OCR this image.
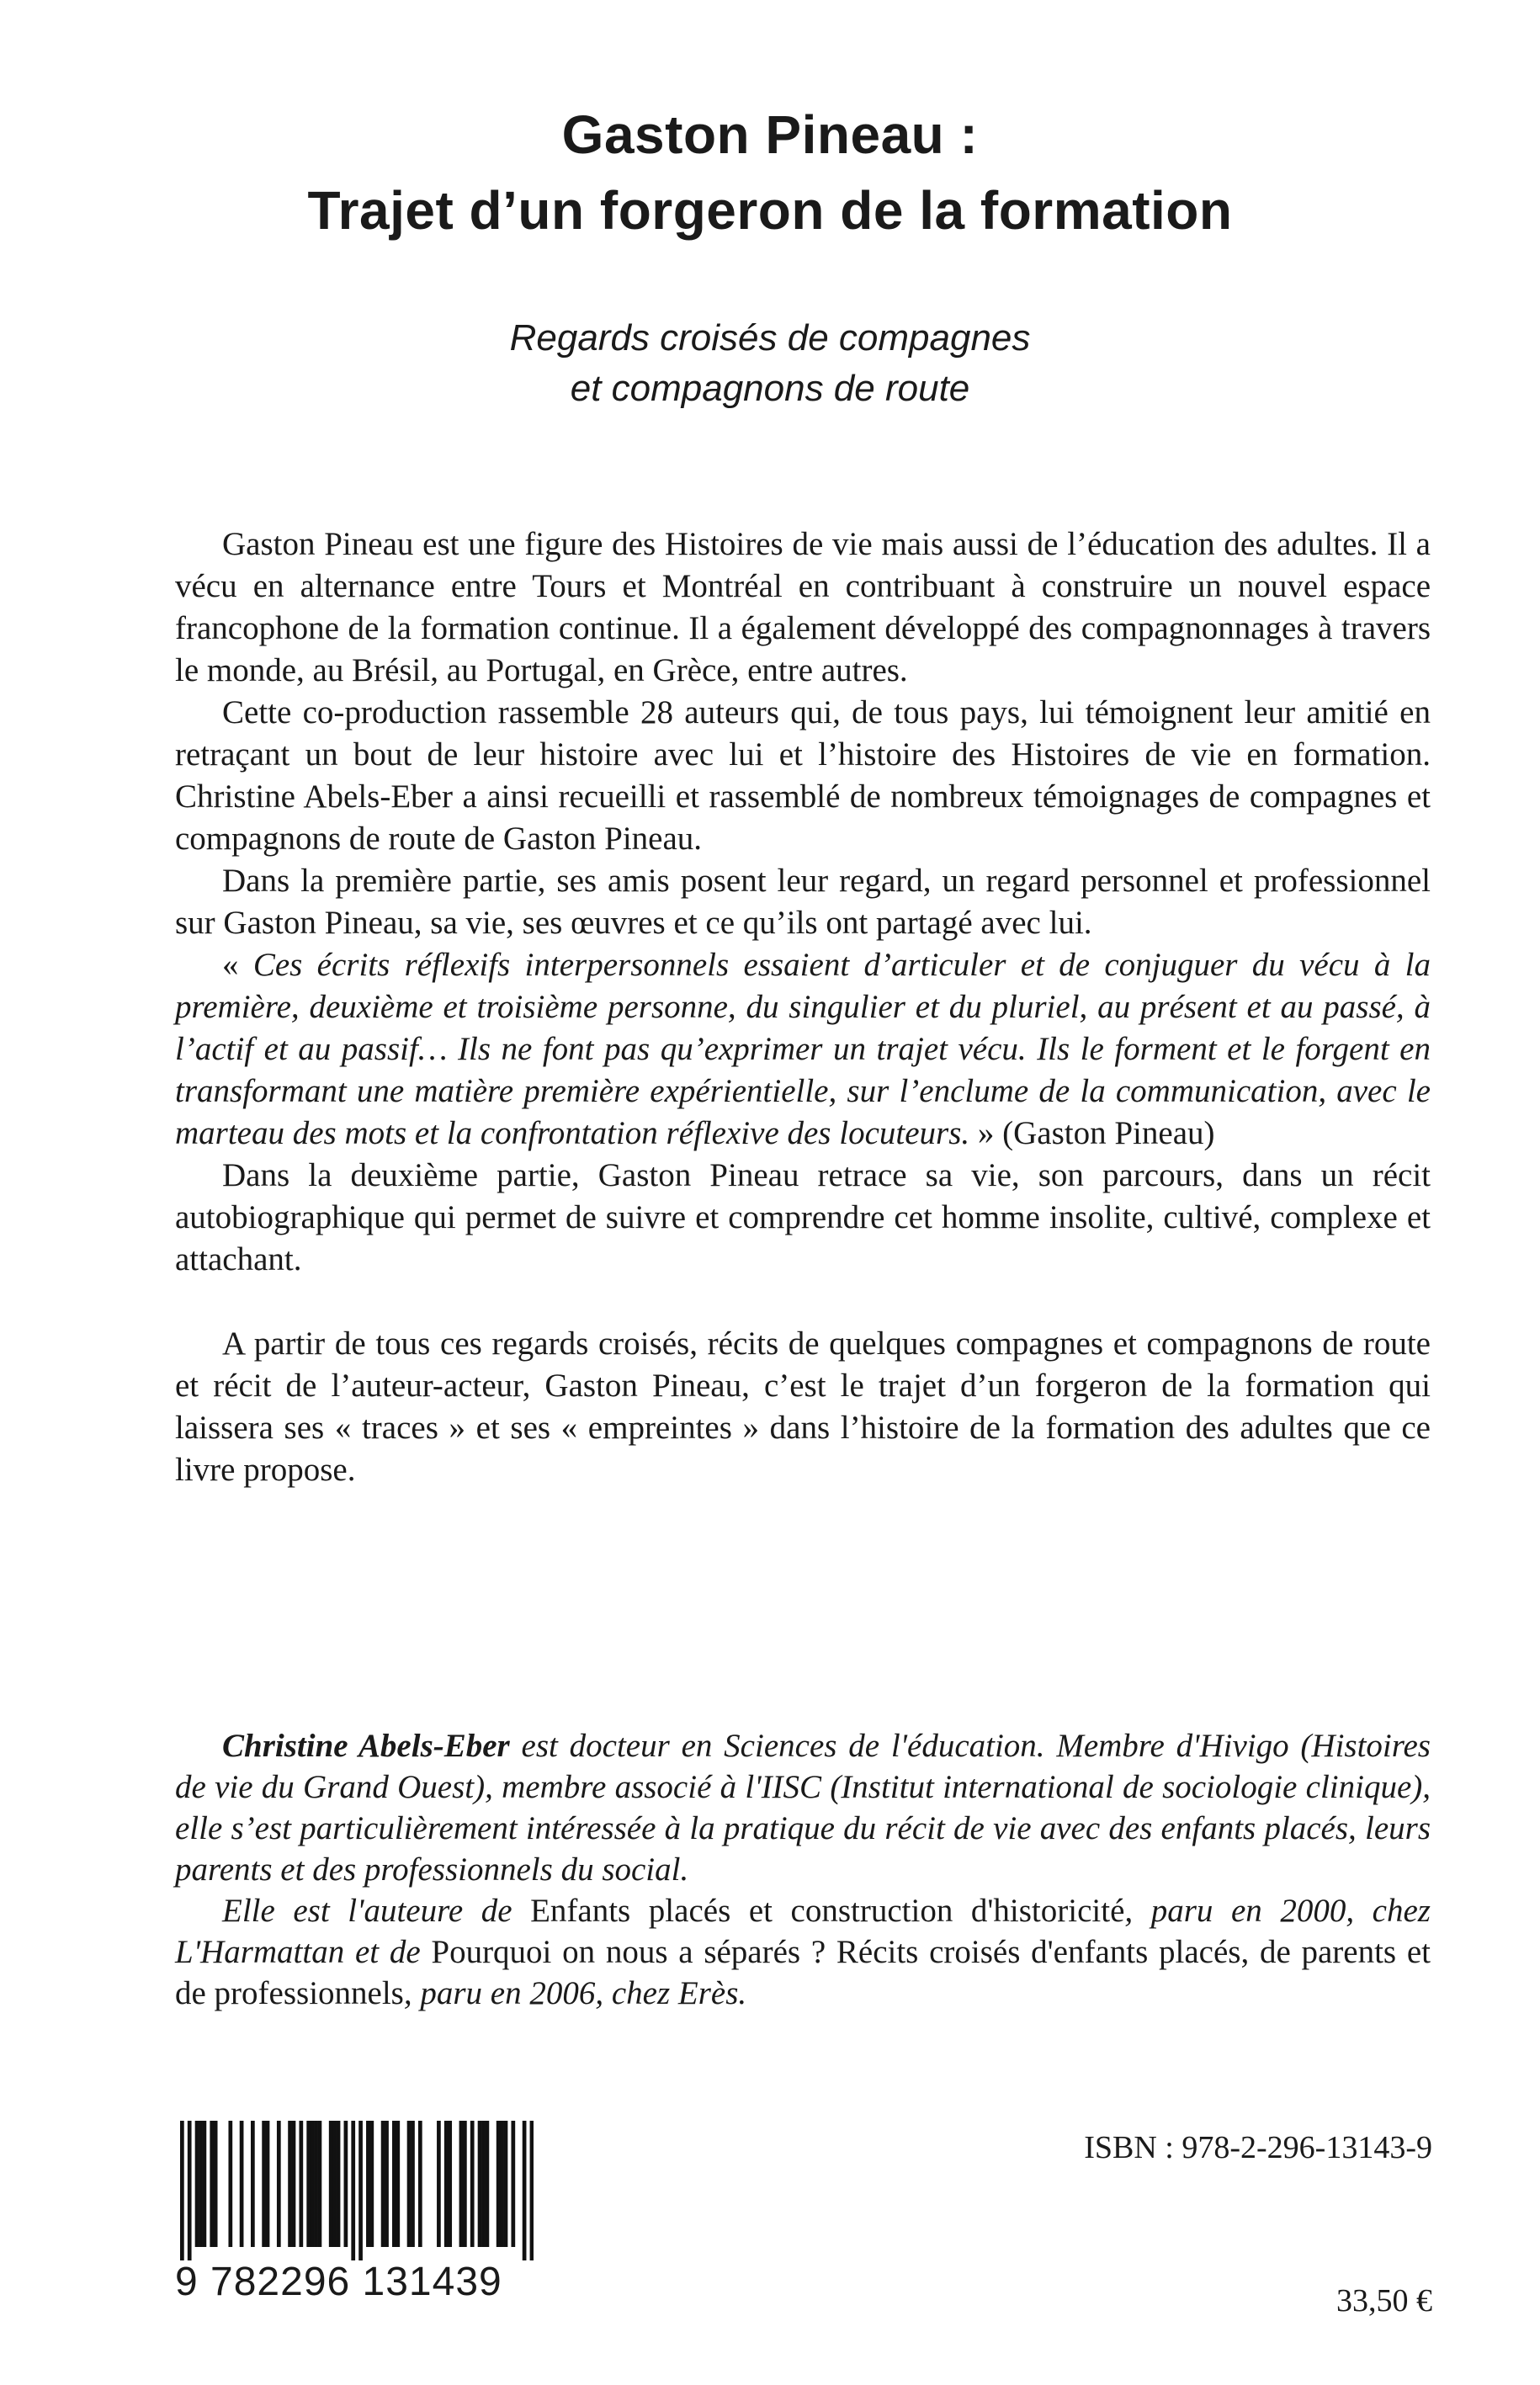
Gaston Pineau :
Trajet d’un forgeron de la formation
Regards croisés de compagnes
et compagnons de route

Gaston Pineau est une figure des Histoires de vie mais aussi de l’éducation des adultes. Il a vécu en alternance entre Tours et Montréal en contribuant à construire un nouvel espace francophone de la formation continue. Il a également développé des compagnonnages à travers le monde, au Brésil, au Portugal, en Grèce, entre autres.

Cette co-production rassemble 28 auteurs qui, de tous pays, lui témoignent leur amitié en retraçant un bout de leur histoire avec lui et l’histoire des Histoires de vie en formation. Christine Abels-Eber a ainsi recueilli et rassemblé de nombreux témoignages de compagnes et compagnons de route de Gaston Pineau.

Dans la première partie, ses amis posent leur regard, un regard personnel et professionnel sur Gaston Pineau, sa vie, ses œuvres et ce qu’ils ont partagé avec lui.

« Ces écrits réflexifs interpersonnels essaient d’articuler et de conjuguer du vécu à la première, deuxième et troisième personne, du singulier et du pluriel, au présent et au passé, à l’actif et au passif… Ils ne font pas qu’exprimer un trajet vécu. Ils le forment et le forgent en transformant une matière première expérientielle, sur l’enclume de la communication, avec le marteau des mots et la confrontation réflexive des locuteurs. » (Gaston Pineau)

Dans la deuxième partie, Gaston Pineau retrace sa vie, son parcours, dans un récit autobiographique qui permet de suivre et comprendre cet homme insolite, cultivé, complexe et attachant.

A partir de tous ces regards croisés, récits de quelques compagnes et compagnons de route et récit de l’auteur-acteur, Gaston Pineau, c’est le trajet d’un forgeron de la formation qui laissera ses « traces » et ses « empreintes » dans l’histoire de la formation des adultes que ce livre propose.

Christine Abels-Eber est docteur en Sciences de l'éducation. Membre d'Hivigo (Histoires de vie du Grand Ouest), membre associé à l'IISC (Institut international de sociologie clinique), elle s’est particulièrement intéressée à la pratique du récit de vie avec des enfants placés, leurs parents et des professionnels du social.

Elle est l'auteure de Enfants placés et construction d'historicité, paru en 2000, chez L'Harmattan et de Pourquoi on nous a séparés ? Récits croisés d'enfants placés, de parents et de professionnels, paru en 2006, chez Erès.

9 782296 131439
ISBN : 978-2-296-13143-9
33,50 €
